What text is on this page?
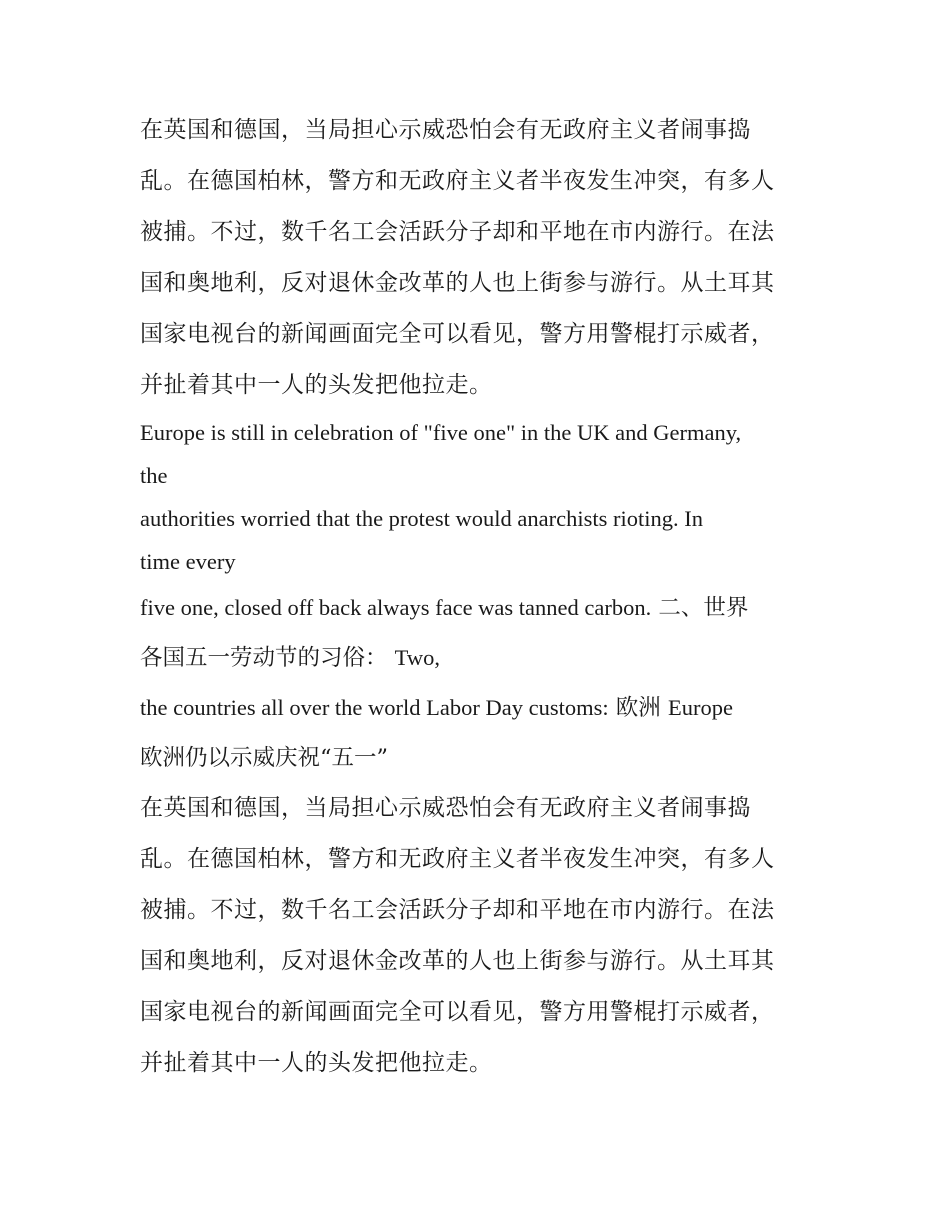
在英国和德国，当局担心示威恐怕会有无政府主义者闹事捣
乱。在德国柏林，警方和无政府主义者半夜发生冲突，有多人
被捕。不过，数千名工会活跃分子却和平地在市内游行。在法
国和奥地利，反对退休金改革的人也上街参与游行。从土耳其
国家电视台的新闻画面完全可以看见，警方用警棍打示威者，
并扯着其中一人的头发把他拉走。
Europe is still in celebration of "five one" in the UK and Germany,
the
authorities worried that the protest would anarchists rioting. In
time every
five one, closed off back always face was tanned carbon. 二、世界
各国五一劳动节的习俗： Two,
the countries all over the world Labor Day customs: 欧洲 Europe
欧洲仍以示威庆祝“五一”
在英国和德国，当局担心示威恐怕会有无政府主义者闹事捣
乱。在德国柏林，警方和无政府主义者半夜发生冲突，有多人
被捕。不过，数千名工会活跃分子却和平地在市内游行。在法
国和奥地利，反对退休金改革的人也上街参与游行。从土耳其
国家电视台的新闻画面完全可以看见，警方用警棍打示威者，
并扯着其中一人的头发把他拉走。
